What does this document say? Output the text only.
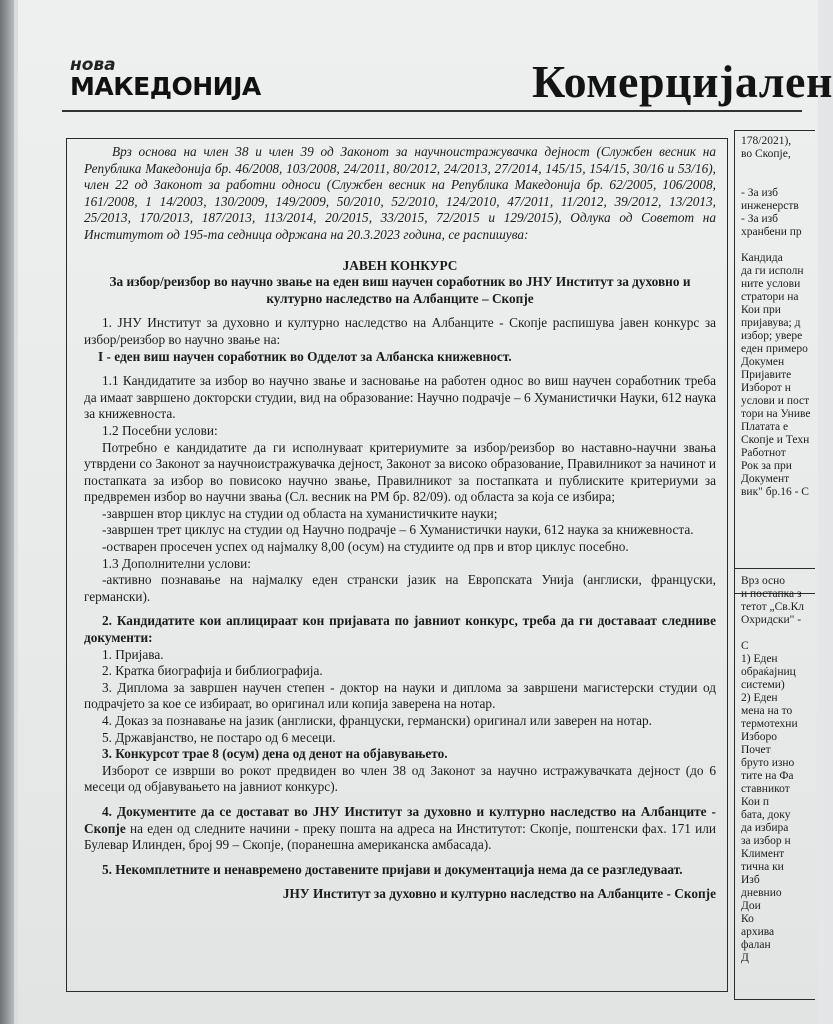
нова
МАКЕДОНИЈА	Комерцијалeн

Врз основа на член 38 и член 39 од Законот за научноистражувачка дејност (Службен весник на Република Македонија бр. 46/2008, 103/2008, 24/2011, 80/2012, 24/2013, 27/2014, 145/15, 154/15, 30/16 и 53/16), член 22 од Законот за работни односи (Службен весник на Република Македонија бр. 62/2005, 106/2008, 161/2008, 1 14/2003, 130/2009, 149/2009, 50/2010, 52/2010, 124/2010, 47/2011, 11/2012, 39/2012, 13/2013, 25/2013, 170/2013, 187/2013, 113/2014, 20/2015, 33/2015, 72/2015 и 129/2015), Одлука од Советот на Институтот од 195-та седница одржана на 20.3.2023 година, се распишува:

ЈАВЕН КОНКУРС

За избор/реизбор во научно звање на еден виш научен соработник во ЈНУ Институт за духовно и културно наследство на Албанците – Скопје

1. ЈНУ Институт за духовно и културно наследство на Албанците - Скопје распишува јавен конкурс за избор/реизбор во научно звање на:

I - еден виш научен соработник во Одделот за Албанска книжевност.

1.1 Кандидатите за избор во научно звање и засновање на работен однос во виш научен соработник треба да имаат завршено докторски студии, вид на образование: Научно подрачје – 6 Хуманистички Науки, 612 наука за книжевноста.

1.2 Посебни услови:

Потребно е кандидатите да ги исполнуваат критериумите за избор/реизбор во наставно-научни звања утврдени со Законот за научноистражувачка дејност, Законот за високо образование, Правилникот за начинот и постапката за избор во повисоко научно звање, Правилникот за постапката и публиските критериуми за предвремен избор во научни звања (Сл. весник на РМ бр. 82/09). од областа за која се избира;

-завршен втор циклус на студии од областа на хуманистичките науки;

-завршен трет циклус на студии од Научно подрачје – 6 Хуманистички науки, 612 наука за книжевноста.

-остварен просечен успех од најмалку 8,00 (осум) на студиите од прв и втор циклус посебно.

1.3 Дополнителни услови:

-активно познавање на најмалку еден странски јазик на Европската Унија (англиски, француски, германски).

2. Кандидатите кои аплицираат кон пријавата по јавниот конкурс, треба да ги доставаат следниве документи:

1. Пријава.

2. Кратка биографија и библиографија.

3. Диплома за завршен научен степен - доктор на науки и диплома за завршени магистерски студии од подрачјето за кое се избираат, во оригинал или копија заверена на нотар.

4. Доказ за познавање на јазик (англиски, француски, германски) оригинал или заверен на нотар.

5. Државјанство, не постаро од 6 месеци.

3. Конкурсот трае 8 (осум) дена од денот на објавувањето.

Изборот се изврши во рокот предвиден во член 38 од Законот за научно истражувачката дејност (до 6 месеци од објавувањето на јавниот конкурс).

4. Документите да се достават во ЈНУ Институт за духовно и културно наследство на Албанците - Скопје на еден од следните начини - преку пошта на адреса на Институтот: Скопје, поштенски фах. 171 или Булевар Илинден, број 99 – Скопје, (поранешна американска амбасада).

5. Некомплетните и ненавремено доставените пријави и документација нема да се разгледуваат.

ЈНУ Институт за духовно и културно наследство на Албанците - Скопје

178/2021),
во Скопје,

- За изб
инженерств
- За изб
хранбени пр

Кандида
да ги исполн
ните услови
стратори на
Кои при
пријавува; д
избор; уверe
еден примеро
Докумен
Пријавите
Изборот н
услови и пост
тори на Униве
Платата е
Скопје и Техн
Работнот
Рок за при
Документ
вик" бр.16 - С
Врз осно
и постапка з
тетот „Св.Кл
Охридски" -

С
1) Еден
обраќајниц
системи)
2) Еден
мена на то
термотехни
Изборo
Почет
бруто изно
тите на Фа
ставникот
Кои п
бата, доку
да избира
за избор н
Климент
тична ки
Изб
дневнио
Дои
Ко
архива
фалан
Д
